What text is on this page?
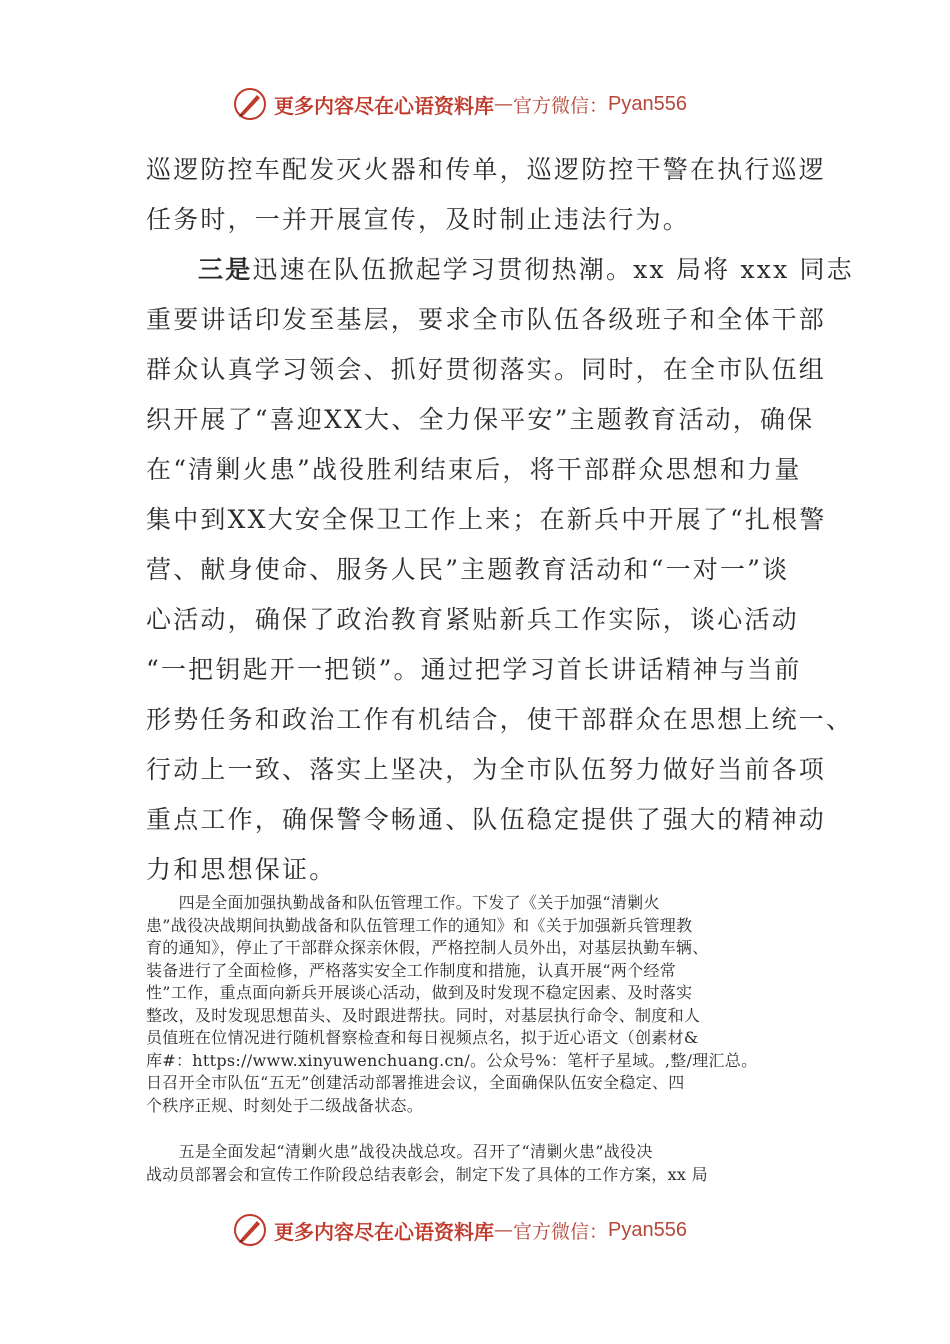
更多内容尽在心语资料库 — 官方微信： Pyan556

巡逻防控车配发灭火器和传单，巡逻防控干警在执行巡逻

任务时，一并开展宣传，及时制止违法行为。

三是迅速在队伍掀起学习贯彻热潮。xx 局将 xxx 同志

重要讲话印发至基层，要求全市队伍各级班子和全体干部

群众认真学习领会、抓好贯彻落实。同时，在全市队伍组

织开展了“喜迎XX大、全力保平安”主题教育活动，确保

在“清剿火患”战役胜利结束后，将干部群众思想和力量

集中到XX大安全保卫工作上来；在新兵中开展了“扎根警

营、献身使命、服务人民”主题教育活动和“一对一”谈

心活动，确保了政治教育紧贴新兵工作实际，谈心活动

“一把钥匙开一把锁”。通过把学习首长讲话精神与当前

形势任务和政治工作有机结合，使干部群众在思想上统一、

行动上一致、落实上坚决，为全市队伍努力做好当前各项

重点工作，确保警令畅通、队伍稳定提供了强大的精神动

力和思想保证。

　　四是全面加强执勤战备和队伍管理工作。下发了《关于加强“清剿火

患”战役决战期间执勤战备和队伍管理工作的通知》和《关于加强新兵管理教

育的通知》，停止了干部群众探亲休假，严格控制人员外出，对基层执勤车辆、

装备进行了全面检修，严格落实安全工作制度和措施，认真开展“两个经常

性”工作，重点面向新兵开展谈心活动，做到及时发现不稳定因素、及时落实

整改，及时发现思想苗头、及时跟进帮扶。同时，对基层执行命令、制度和人

员值班在位情况进行随机督察检查和每日视频点名，拟于近心语文（创素材&

库#：https://www.xinyuwenchuang.cn/。公众号%：笔杆子星域。,整/理汇总。

日召开全市队伍“五无”创建活动部署推进会议，全面确保队伍安全稳定、四

个秩序正规、时刻处于二级战备状态。

　　五是全面发起“清剿火患”战役决战总攻。召开了“清剿火患”战役决

战动员部署会和宣传工作阶段总结表彰会，制定下发了具体的工作方案，xx 局

更多内容尽在心语资料库 — 官方微信： Pyan556
